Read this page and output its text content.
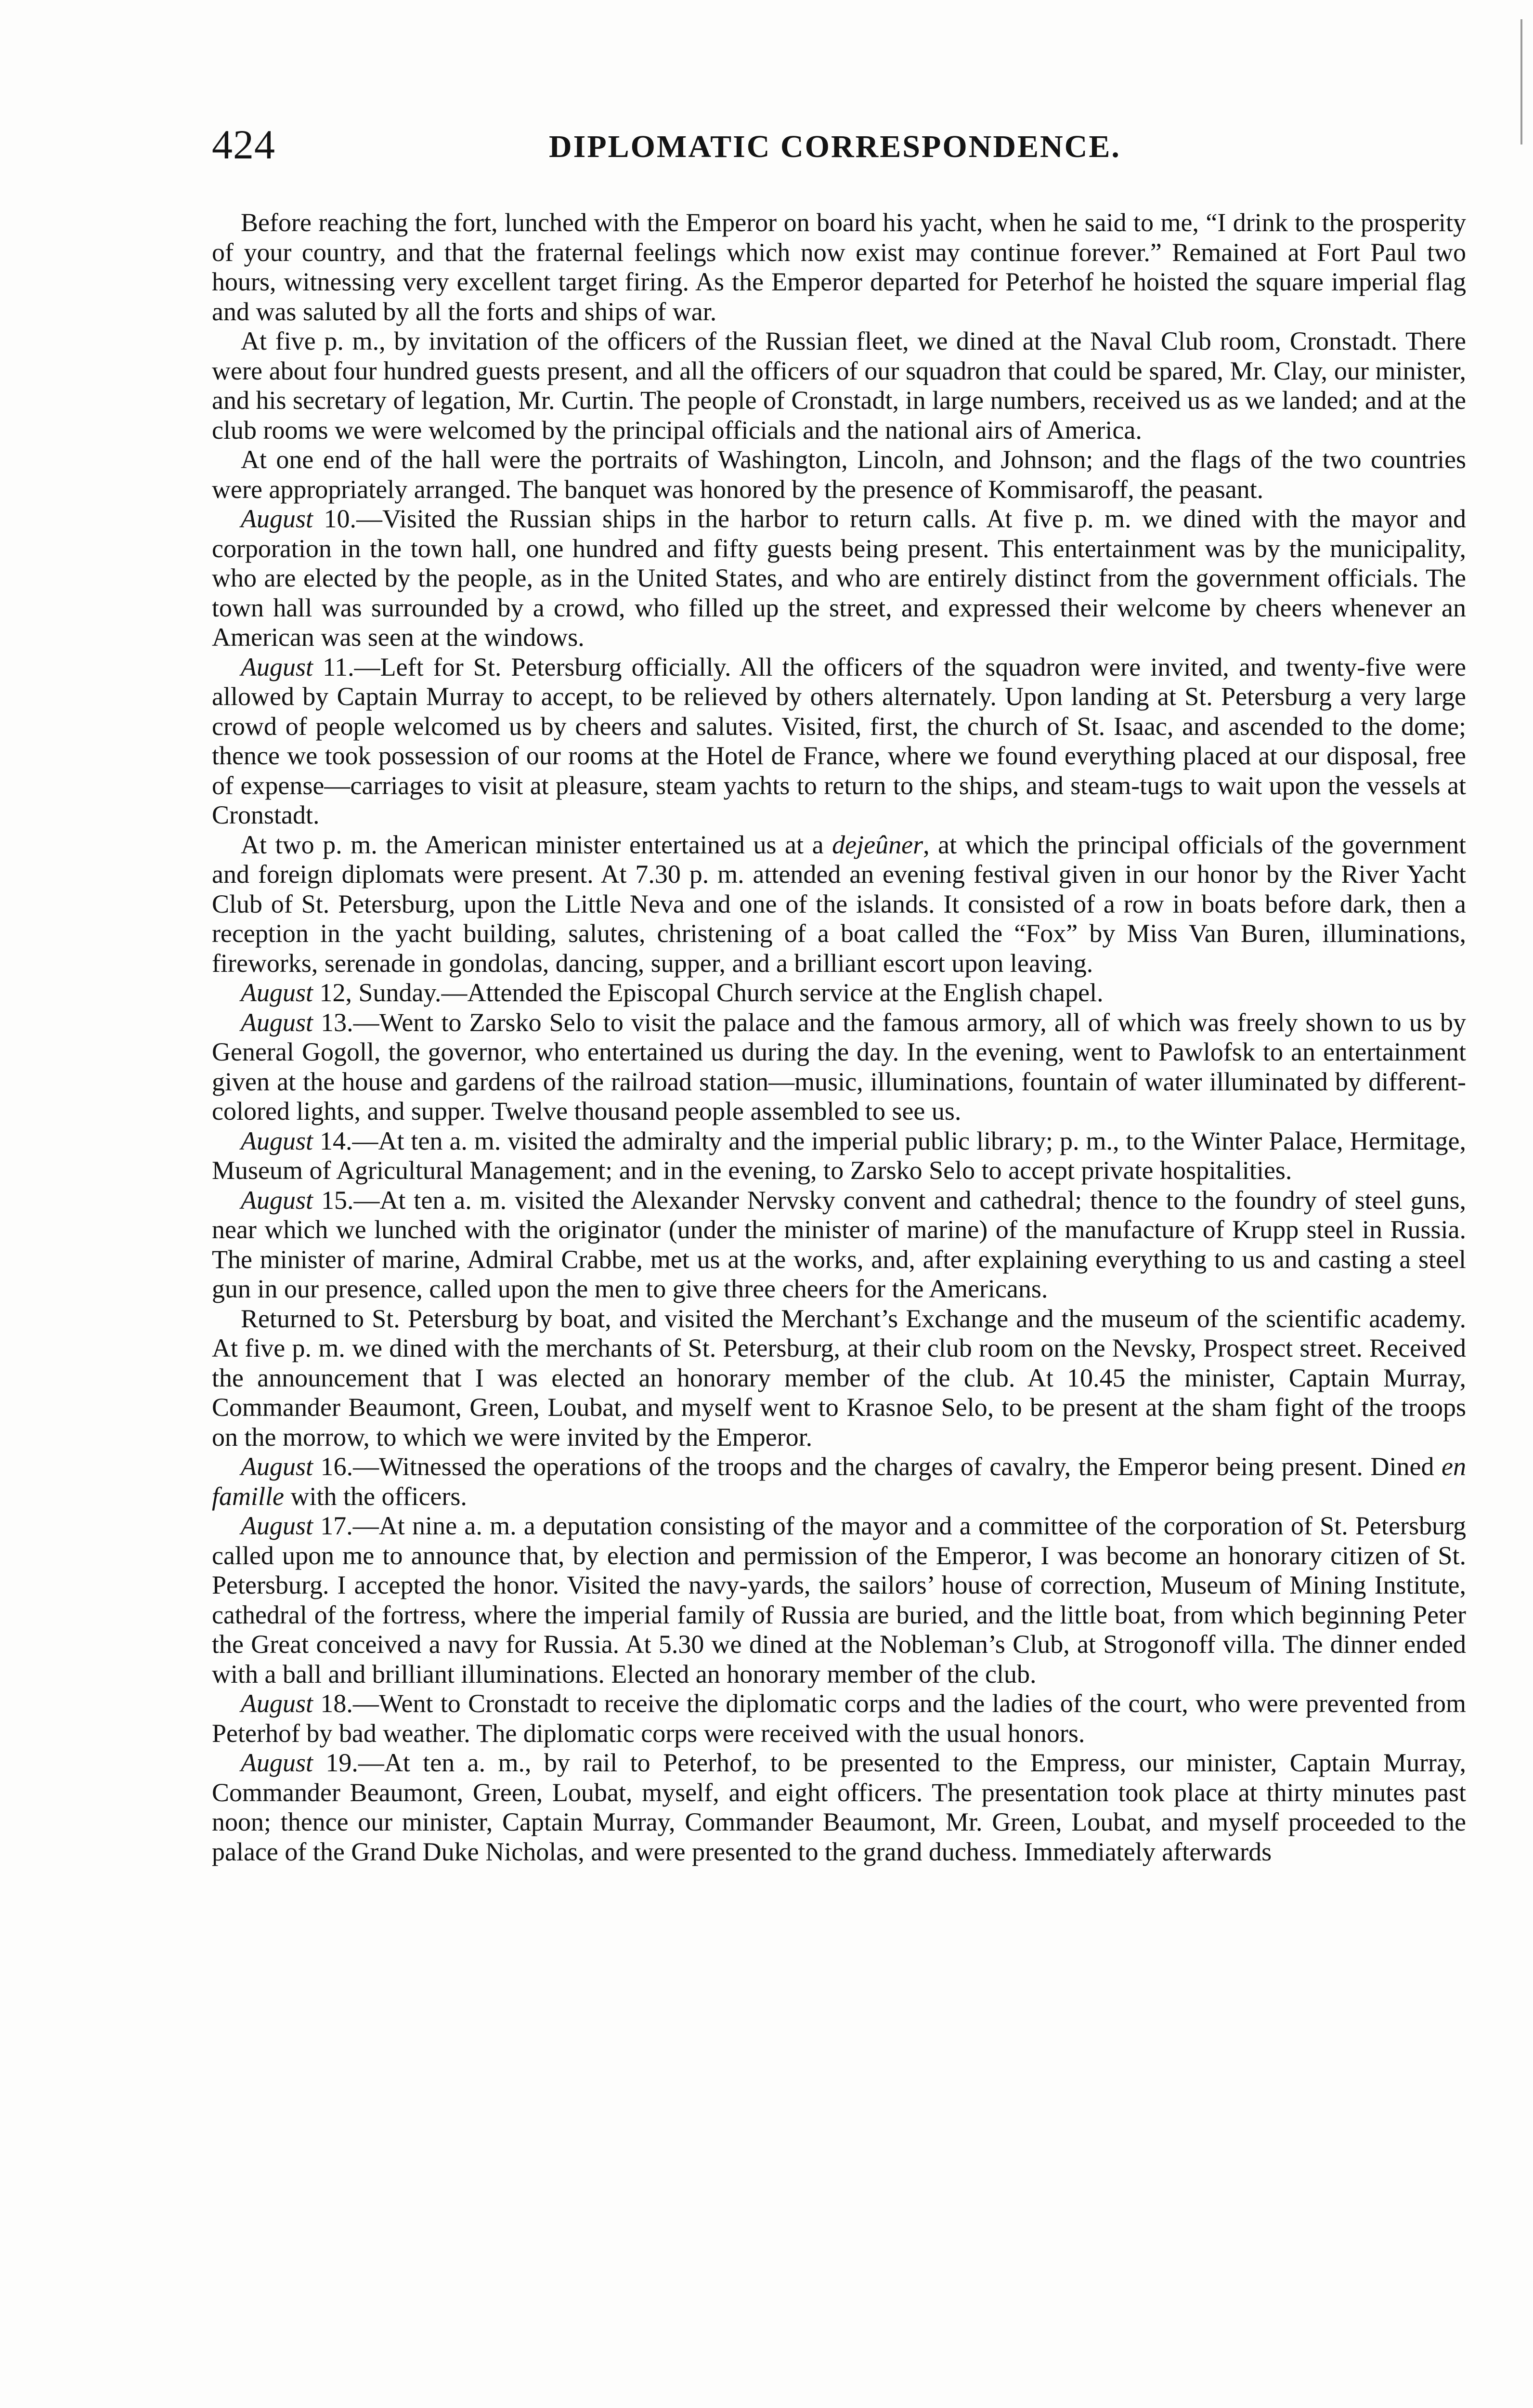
424	DIPLOMATIC CORRESPONDENCE.

Before reaching the fort, lunched with the Emperor on board his yacht, when he said to me, “I drink to the prosperity of your country, and that the fraternal feelings which now exist may continue forever.” Remained at Fort Paul two hours, witnessing very excellent target firing. As the Emperor departed for Peterhof he hoisted the square imperial flag and was saluted by all the forts and ships of war.

At five p. m., by invitation of the officers of the Russian fleet, we dined at the Naval Club room, Cronstadt. There were about four hundred guests present, and all the officers of our squadron that could be spared, Mr. Clay, our minister, and his secretary of legation, Mr. Curtin. The people of Cronstadt, in large numbers, received us as we landed; and at the club rooms we were welcomed by the principal officials and the national airs of America.

At one end of the hall were the portraits of Washington, Lincoln, and Johnson; and the flags of the two countries were appropriately arranged. The banquet was honored by the presence of Kommisaroff, the peasant.

August 10.—Visited the Russian ships in the harbor to return calls. At five p. m. we dined with the mayor and corporation in the town hall, one hundred and fifty guests being present. This entertainment was by the municipality, who are elected by the people, as in the United States, and who are entirely distinct from the government officials. The town hall was surrounded by a crowd, who filled up the street, and expressed their welcome by cheers whenever an American was seen at the windows.

August 11.—Left for St. Petersburg officially. All the officers of the squadron were invited, and twenty-five were allowed by Captain Murray to accept, to be relieved by others alternately. Upon landing at St. Petersburg a very large crowd of people welcomed us by cheers and salutes. Visited, first, the church of St. Isaac, and ascended to the dome; thence we took possession of our rooms at the Hotel de France, where we found everything placed at our disposal, free of expense—carriages to visit at pleasure, steam yachts to return to the ships, and steam-tugs to wait upon the vessels at Cronstadt.

At two p. m. the American minister entertained us at a dejeûner, at which the principal officials of the government and foreign diplomats were present. At 7.30 p. m. attended an evening festival given in our honor by the River Yacht Club of St. Petersburg, upon the Little Neva and one of the islands. It consisted of a row in boats before dark, then a reception in the yacht building, salutes, christening of a boat called the “Fox” by Miss Van Buren, illuminations, fireworks, serenade in gondolas, dancing, supper, and a brilliant escort upon leaving.

August 12, Sunday.—Attended the Episcopal Church service at the English chapel.

August 13.—Went to Zarsko Selo to visit the palace and the famous armory, all of which was freely shown to us by General Gogoll, the governor, who entertained us during the day. In the evening, went to Pawlofsk to an entertainment given at the house and gardens of the railroad station—music, illuminations, fountain of water illuminated by different-colored lights, and supper. Twelve thousand people assembled to see us.

August 14.—At ten a. m. visited the admiralty and the imperial public library; p. m., to the Winter Palace, Hermitage, Museum of Agricultural Management; and in the evening, to Zarsko Selo to accept private hospitalities.

August 15.—At ten a. m. visited the Alexander Nervsky convent and cathedral; thence to the foundry of steel guns, near which we lunched with the originator (under the minister of marine) of the manufacture of Krupp steel in Russia. The minister of marine, Admiral Crabbe, met us at the works, and, after explaining everything to us and casting a steel gun in our presence, called upon the men to give three cheers for the Americans.

Returned to St. Petersburg by boat, and visited the Merchant’s Exchange and the museum of the scientific academy. At five p. m. we dined with the merchants of St. Petersburg, at their club room on the Nevsky, Prospect street. Received the announcement that I was elected an honorary member of the club. At 10.45 the minister, Captain Murray, Commander Beaumont, Green, Loubat, and myself went to Krasnoe Selo, to be present at the sham fight of the troops on the morrow, to which we were invited by the Emperor.

August 16.—Witnessed the operations of the troops and the charges of cavalry, the Emperor being present. Dined en famille with the officers.

August 17.—At nine a. m. a deputation consisting of the mayor and a committee of the corporation of St. Petersburg called upon me to announce that, by election and permission of the Emperor, I was become an honorary citizen of St. Petersburg. I accepted the honor. Visited the navy-yards, the sailors’ house of correction, Museum of Mining Institute, cathedral of the fortress, where the imperial family of Russia are buried, and the little boat, from which beginning Peter the Great conceived a navy for Russia. At 5.30 we dined at the Nobleman’s Club, at Strogonoff villa. The dinner ended with a ball and brilliant illuminations. Elected an honorary member of the club.

August 18.—Went to Cronstadt to receive the diplomatic corps and the ladies of the court, who were prevented from Peterhof by bad weather. The diplomatic corps were received with the usual honors.

August 19.—At ten a. m., by rail to Peterhof, to be presented to the Empress, our minister, Captain Murray, Commander Beaumont, Green, Loubat, myself, and eight officers. The presentation took place at thirty minutes past noon; thence our minister, Captain Murray, Commander Beaumont, Mr. Green, Loubat, and myself proceeded to the palace of the Grand Duke Nicholas, and were presented to the grand duchess. Immediately afterwards
